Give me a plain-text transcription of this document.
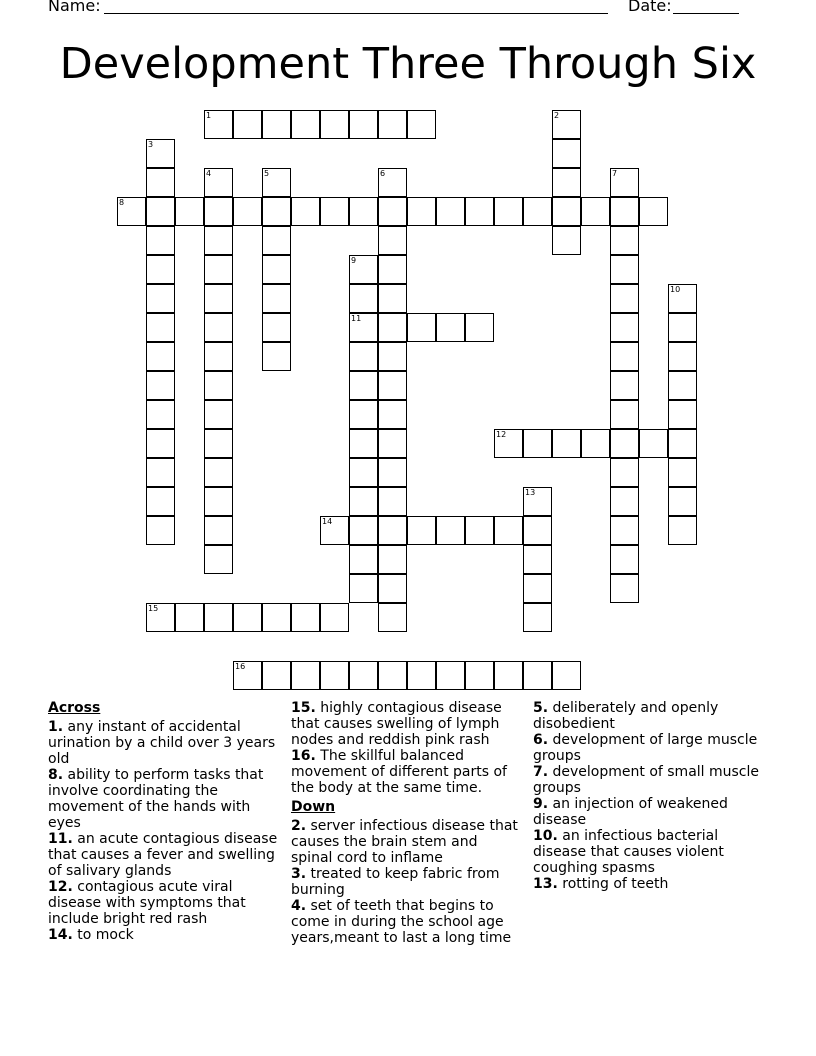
Name:	Date:
Development Three Through Six
1	2
3
4	5	6	7
8
9
10
11
12
13
14
15
16
Across
1. any instant of accidental urination by a child over 3 years old
8. ability to perform tasks that involve coordinating the movement of the hands with eyes
11. an acute contagious disease that causes a fever and swelling of salivary glands
12. contagious acute viral disease with symptoms that include bright red rash
14. to mock
15. highly contagious disease that causes swelling of lymph nodes and reddish pink rash
16. The skillful balanced movement of different parts of the body at the same time.
Down
2. server infectious disease that causes the brain stem and spinal cord to inflame
3. treated to keep fabric from burning
4. set of teeth that begins to come in during the school age years,meant to last a long time
5. deliberately and openly disobedient
6. development of large muscle groups
7. development of small muscle groups
9. an injection of weakened disease
10. an infectious bacterial disease that causes violent coughing spasms
13. rotting of teeth
